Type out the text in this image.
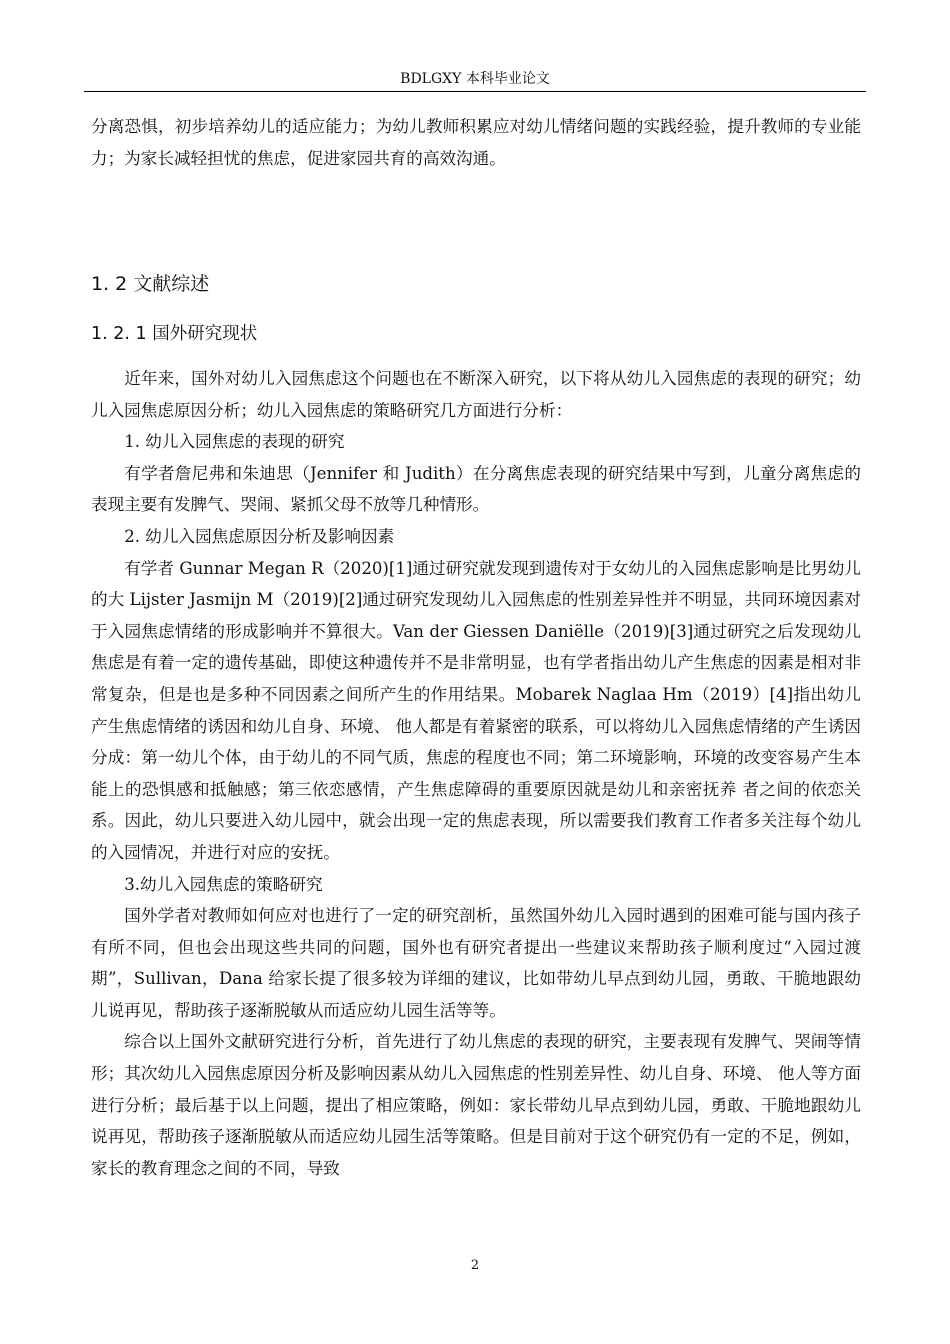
BDLGXY 本科毕业论文

分离恐惧，初步培养幼儿的适应能力；为幼儿教师积累应对幼儿情绪问题的实践经验，提升教师的专业能力；为家长减轻担忧的焦虑，促进家园共育的高效沟通。

1. 2 文献综述
1. 2. 1 国外研究现状

近年来，国外对幼儿入园焦虑这个问题也在不断深入研究，以下将从幼儿入园焦虑的表现的研究；幼儿入园焦虑原因分析；幼儿入园焦虑的策略研究几方面进行分析：

1. 幼儿入园焦虑的表现的研究

有学者詹尼弗和朱迪思（Jennifer 和 Judith）在分离焦虑表现的研究结果中写到，儿童分离焦虑的表现主要有发脾气、哭闹、紧抓父母不放等几种情形。

2. 幼儿入园焦虑原因分析及影响因素

有学者 Gunnar Megan R（2020)[1]通过研究就发现到遗传对于女幼儿的入园焦虑影响是比男幼儿的大 Lijster Jasmijn M（2019)[2]通过研究发现幼儿入园焦虑的性别差异性并不明显，共同环境因素对于入园焦虑情绪的形成影响并不算很大。Van der Giessen Daniëlle（2019)[3]通过研究之后发现幼儿焦虑是有着一定的遗传基础，即使这种遗传并不是非常明显，也有学者指出幼儿产生焦虑的因素是相对非常复杂，但是也是多种不同因素之间所产生的作用结果。Mobarek Naglaa Hm（2019）[4]指出幼儿产生焦虑情绪的诱因和幼儿自身、环境、 他人都是有着紧密的联系，可以将幼儿入园焦虑情绪的产生诱因分成：第一幼儿个体，由于幼儿的不同气质，焦虑的程度也不同；第二环境影响，环境的改变容易产生本能上的恐惧感和抵触感；第三依恋感情，产生焦虑障碍的重要原因就是幼儿和亲密抚养 者之间的依恋关系。因此，幼儿只要进入幼儿园中，就会出现一定的焦虑表现，所以需要我们教育工作者多关注每个幼儿的入园情况，并进行对应的安抚。

3.幼儿入园焦虑的策略研究

国外学者对教师如何应对也进行了一定的研究剖析，虽然国外幼儿入园时遇到的困难可能与国内孩子有所不同，但也会出现这些共同的问题，国外也有研究者提出一些建议来帮助孩子顺利度过“入园过渡期”，Sullivan，Dana 给家长提了很多较为详细的建议，比如带幼儿早点到幼儿园，勇敢、干脆地跟幼儿说再见，帮助孩子逐渐脱敏从而适应幼儿园生活等等。

综合以上国外文献研究进行分析，首先进行了幼儿焦虑的表现的研究，主要表现有发脾气、哭闹等情形；其次幼儿入园焦虑原因分析及影响因素从幼儿入园焦虑的性别差异性、幼儿自身、环境、 他人等方面进行分析；最后基于以上问题，提出了相应策略，例如：家长带幼儿早点到幼儿园，勇敢、干脆地跟幼儿说再见，帮助孩子逐渐脱敏从而适应幼儿园生活等策略。但是目前对于这个研究仍有一定的不足，例如，家长的教育理念之间的不同，导致

2
